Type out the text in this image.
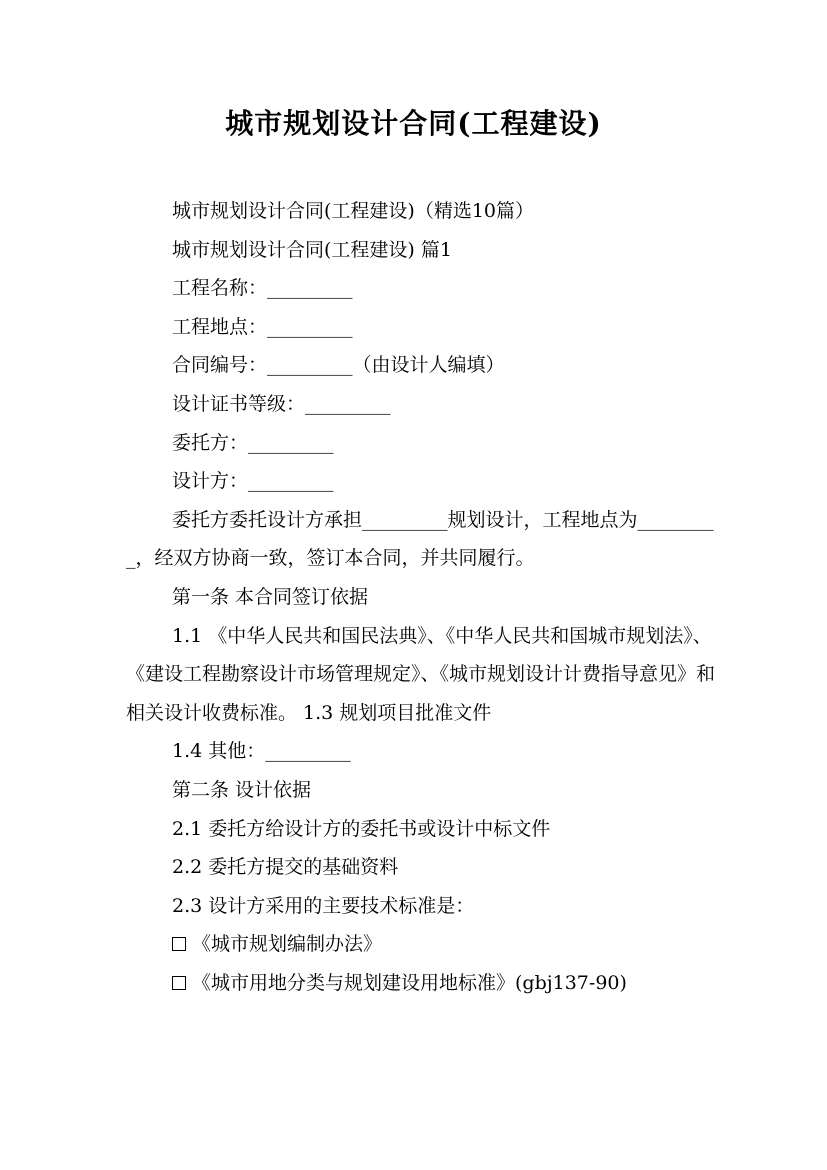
城市规划设计合同(工程建设)

城市规划设计合同(工程建设)（精选10篇）

城市规划设计合同(工程建设) 篇1

工程名称：_________

工程地点：_________

合同编号：_________（由设计人编填）

设计证书等级：_________

委托方：_________

设计方：_________

委托方委托设计方承担_________规划设计，工程地点为_________，经双方协商一致，签订本合同，并共同履行。

第一条 本合同签订依据

1.1 《中华人民共和国民法典》、《中华人民共和国城市规划法》、《建设工程勘察设计市场管理规定》、《城市规划设计计费指导意见》和相关设计收费标准。 1.3 规划项目批准文件

1.4 其他：_________

第二条 设计依据

2.1 委托方给设计方的委托书或设计中标文件

2.2 委托方提交的基础资料

2.3 设计方采用的主要技术标准是：

《城市规划编制办法》

《城市用地分类与规划建设用地标准》(gbj137-90)
